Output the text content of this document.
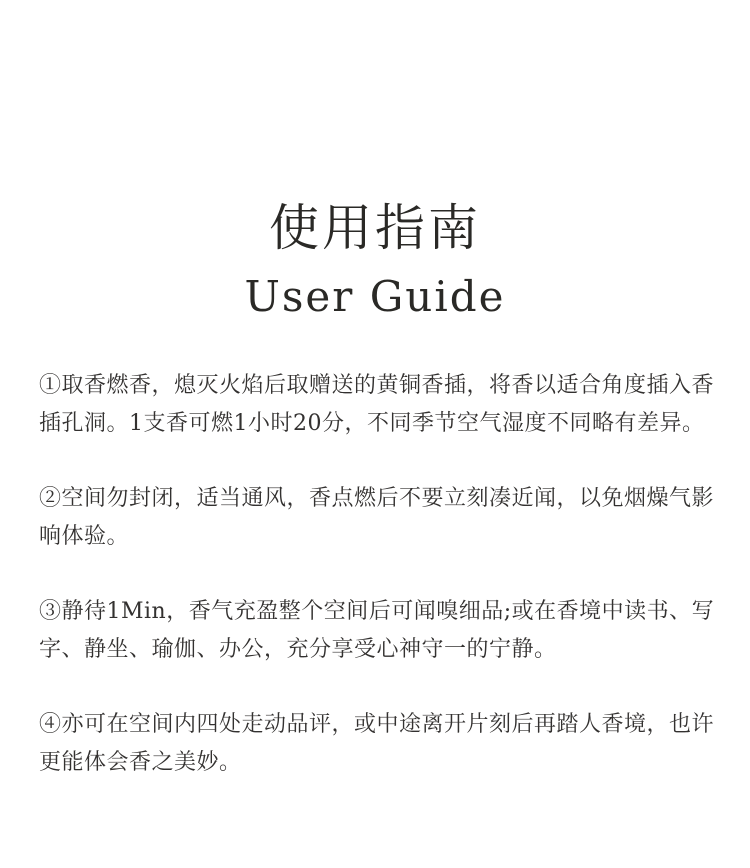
使用指南
User Guide

①取香燃香，熄灭火焰后取赠送的黄铜香插，将香以适合角度插入香插孔洞。1支香可燃1小时20分，不同季节空气湿度不同略有差异。

②空间勿封闭，适当通风，香点燃后不要立刻凑近闻，以免烟燥气影响体验。

③静待1Min，香气充盈整个空间后可闻嗅细品;或在香境中读书、写字、静坐、瑜伽、办公，充分享受心神守一的宁静。

④亦可在空间内四处走动品评，或中途离开片刻后再踏人香境，也许更能体会香之美妙。
